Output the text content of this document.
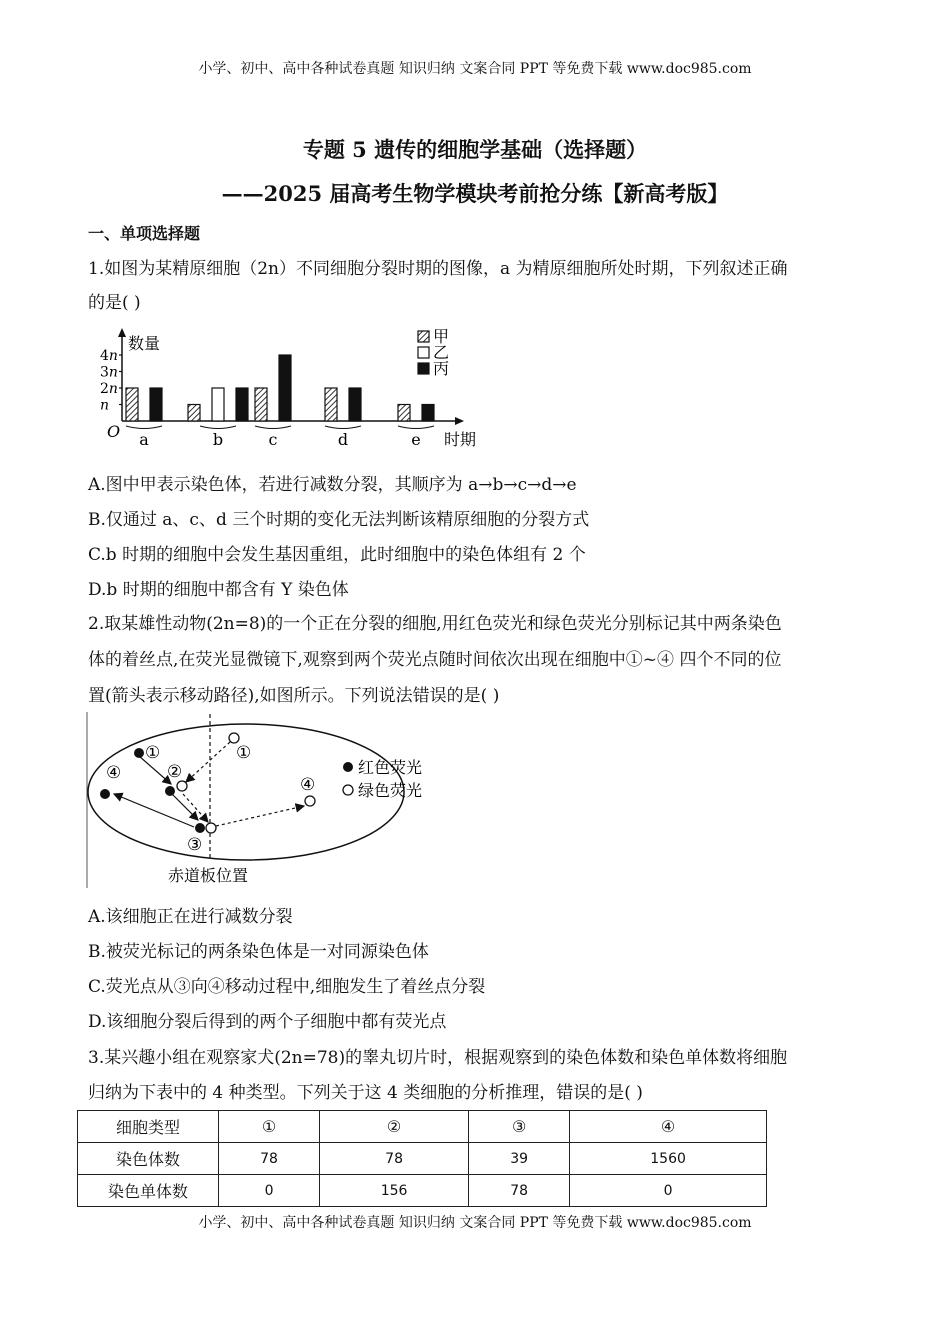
小学、初中、高中各种试卷真题 知识归纳 文案合同 PPT 等免费下载 www.doc985.com
专题 5 遗传的细胞学基础（选择题）
——2025 届高考生物学模块考前抢分练【新高考版】
一、单项选择题
1.如图为某精原细胞（2n）不同细胞分裂时期的图像，a 为精原细胞所处时期，下列叙述正确
的是( )
数量
时期
O
n
2n
3n
4n
a	b	c	d	e
甲
乙
丙
A.图中甲表示染色体，若进行减数分裂，其顺序为 a→b→c→d→e
B.仅通过 a、c、d 三个时期的变化无法判断该精原细胞的分裂方式
C.b 时期的细胞中会发生基因重组，此时细胞中的染色体组有 2 个
D.b 时期的细胞中都含有 Y 染色体
2.取某雄性动物(2n=8)的一个正在分裂的细胞,用红色荧光和绿色荧光分别标记其中两条染色
体的着丝点,在荧光显微镜下,观察到两个荧光点随时间依次出现在细胞中①~④ 四个不同的位
置(箭头表示移动路径),如图所示。下列说法错误的是( )
①
②
③
④
①
④
红色荧光
绿色荧光
赤道板位置
A.该细胞正在进行减数分裂
B.被荧光标记的两条染色体是一对同源染色体
C.荧光点从③向④移动过程中,细胞发生了着丝点分裂
D.该细胞分裂后得到的两个子细胞中都有荧光点
3.某兴趣小组在观察家犬(2n=78)的睾丸切片时，根据观察到的染色体数和染色单体数将细胞
归纳为下表中的 4 种类型。下列关于这 4 类细胞的分析推理，错误的是( )
细胞类型	①	②	③	④
染色体数	78	78	39	1560
染色单体数	0	156	78	0
小学、初中、高中各种试卷真题 知识归纳 文案合同 PPT 等免费下载 www.doc985.com
